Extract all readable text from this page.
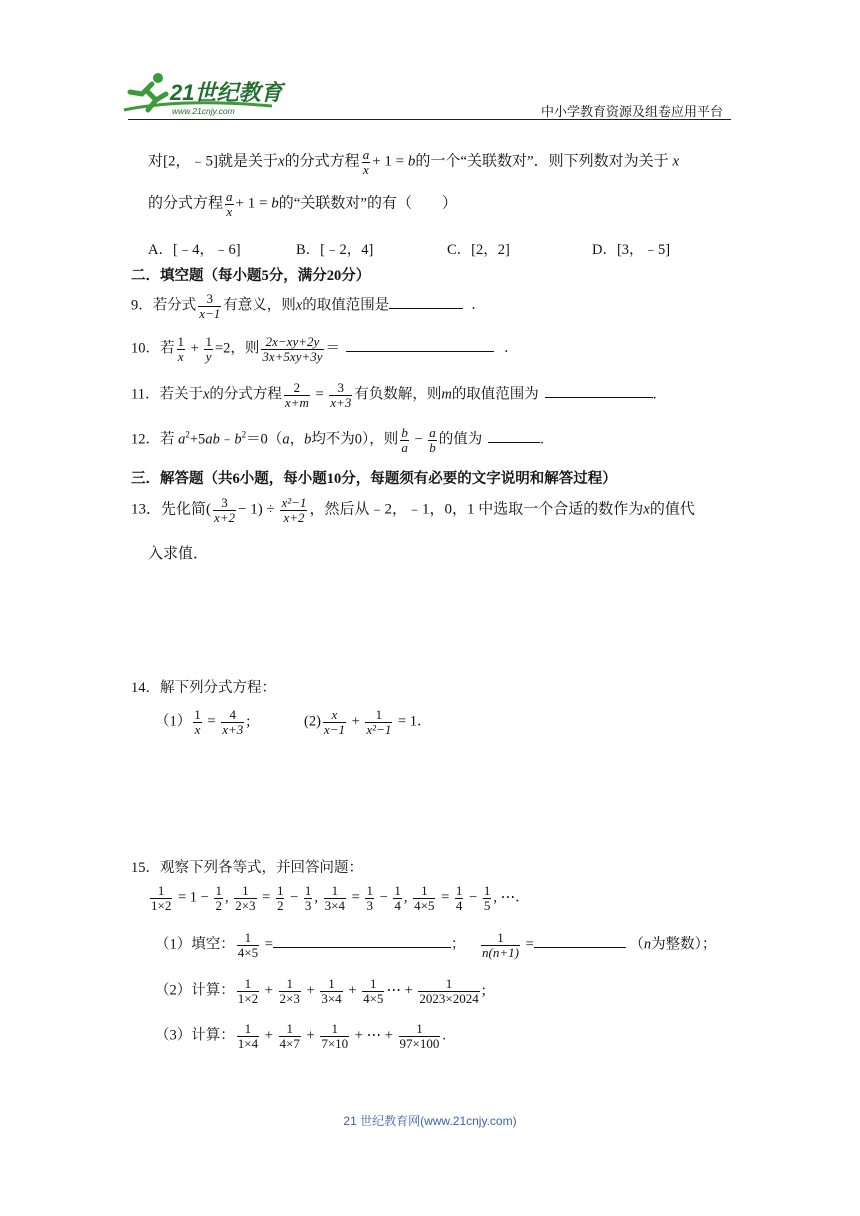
21世纪教育
www.21cnjy.com	中小学教育资源及组卷应用平台
对[2，﹣5]就是关于x的分式方程 $\frac{a}{x} + 1 = b$的一个“关联数对”．则下列数对为关于 x
的分式方程 $\frac{a}{x} + 1 = b$的“关联数对”的有（　　）
A．[﹣4，﹣6]	B．[﹣2，4]	C．[2，2]	D．[3，﹣5]
二．填空题（每小题5分，满分20分）
9．若分式 $\frac{3}{x-1}$ 有意义，则x的取值范围是	．
10．若 $\frac{1}{x} + \frac{1}{y} =2$，则 $\frac{2x-xy+2y}{3x+5xy+3y}$ ＝	．
11．若关于x的分式方程 $\frac{2}{x+m} = \frac{3}{x+3}$ 有负数解，则m的取值范围为	.
12．若 $a^2+5ab﹣b^2=0(a$，b均不为0），则 $\frac{b}{a} - \frac{a}{b}$ 的值为	.
三．解答题（共6小题，每小题10分，每题须有必要的文字说明和解答过程）
13．先化简( $\frac{3}{x+2} - 1) \div \frac{\text{x²−1}}{x+2}$ ，然后从﹣2，﹣1，0，1 中选取一个合适的数作为x的值代
入求值．
14．解下列分式方程：
$(1) \frac{1}{x} = \frac{4}{x+3}$ ;	$(2) \frac{x}{x-1} + \frac{1}{\text{x²−1}} = 1$．
15．观察下列各等式，并回答问题：
$\frac{1}{1\times 2} = 1 - \frac{1}{2}$ , $\frac{1}{2\times 3} = \frac{1}{2} - \frac{1}{3}$ , $\frac{1}{3\times 4} = \frac{1}{3} - \frac{1}{4}$ , $\frac{1}{4\times 5} = \frac{1}{4} - \frac{1}{5}$ , ⋯．
（1）填空： $\frac{1}{4\times 5}$ =	； $\frac{1}{n(n+1)}$ =	（n为整数）；
（2）计算： $\frac{1}{1\times 2} + \frac{1}{2\times 3} + \frac{1}{3\times 4} + \frac{1}{4\times 5}$ ⋯ + $\frac{1}{2023\times 2024}$ ;
（3）计算： $\frac{1}{1\times 4} + \frac{1}{4\times 7} + \frac{1}{7\times 10}$ + ⋯ + $\frac{1}{97\times 100}$ .
21 世纪教育网(www.21cnjy.com)
